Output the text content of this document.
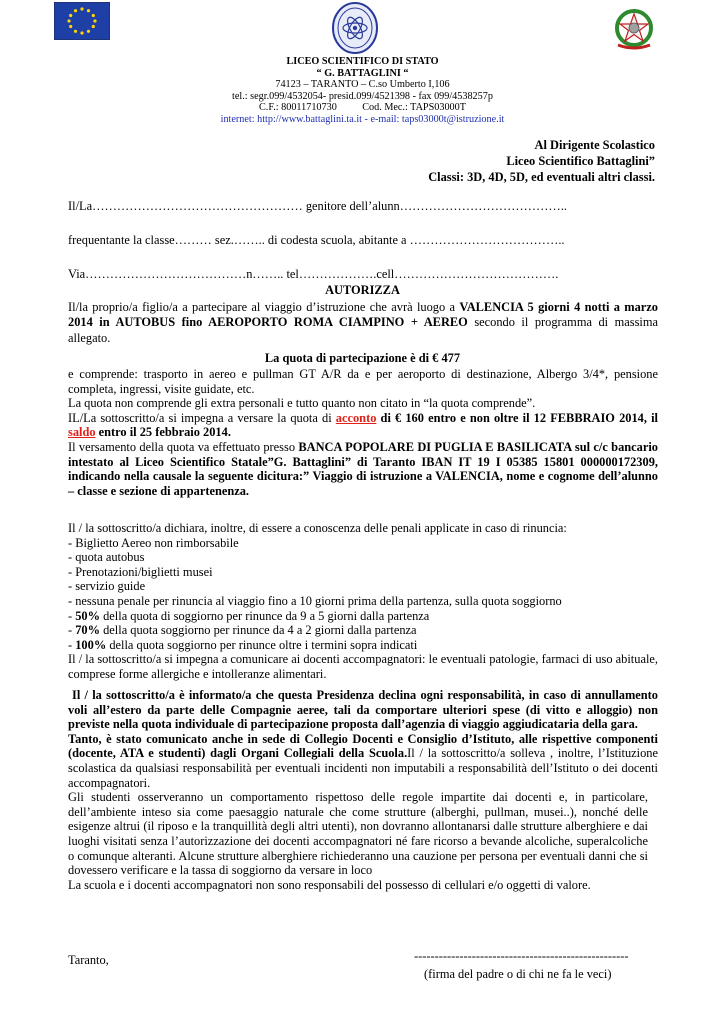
LICEO SCIENTIFICO DI STATO
“ G. BATTAGLINI “
74123 – TARANTO – C.so Umberto I,106
tel.: segr.099/4532054- presid.099/4521398 - fax 099/4538257p
C.F.: 80011710730          Cod. Mec.: TAPS03000T
internet: http://www.battaglini.ta.it - e-mail: taps03000t@istruzione.it
Al Dirigente Scolastico
Liceo Scientifico Battaglini”
Classi: 3D, 4D, 5D, ed eventuali altri classi.
Il/La…………………………………………… genitore dell’alunn…………………………………..
frequentante la classe……… sez.…….. di codesta scuola, abitante a ………………………………..
Via…………………………………n…….. tel……………….cell………………………………….
AUTORIZZA
Il/la proprio/a figlio/a a partecipare al viaggio d’istruzione che avrà luogo a VALENCIA 5 giorni 4 notti a marzo 2014 in AUTOBUS fino AEROPORTO ROMA CIAMPINO + AEREO secondo il programma di massima allegato.
La quota di partecipazione è di € 477

e comprende: trasporto in aereo e pullman GT A/R da e per aeroporto di destinazione, Albergo 3/4*, pensione completa, ingressi, visite guidate, etc.

La quota non comprende gli extra personali e tutto quanto non citato in “la quota comprende”.

IL/La sottoscritto/a si impegna a versare la quota di acconto di € 160 entro e non oltre il 12 FEBBRAIO 2014, il saldo entro il 25 febbraio 2014.

Il versamento della quota va effettuato presso BANCA POPOLARE DI PUGLIA E BASILICATA sul c/c bancario intestato al Liceo Scientifico Statale”G. Battaglini” di Taranto IBAN IT 19 I 05385 15801 000000172309, indicando nella causale la seguente dicitura:” Viaggio di istruzione a VALENCIA, nome e cognome dell’alunno – classe e sezione di appartenenza.

Il / la sottoscritto/a dichiara, inoltre, di essere a conoscenza delle penali applicate in caso di rinuncia:

- Biglietto Aereo non rimborsabile

- quota autobus

- Prenotazioni/biglietti musei

- servizio guide

- nessuna penale per rinuncia al viaggio fino a 10 giorni prima della partenza, sulla quota soggiorno

- 50% della quota di soggiorno per rinunce da 9 a 5 giorni dalla partenza

- 70% della quota soggiorno per rinunce da 4 a 2 giorni dalla partenza

- 100% della quota soggiorno per rinunce oltre i termini sopra indicati

Il / la sottoscritto/a si impegna a comunicare ai docenti accompagnatori: le eventuali patologie, farmaci di uso abituale, comprese forme allergiche e intolleranze alimentari.

Il / la sottoscritto/a è informato/a che questa Presidenza declina ogni responsabilità, in caso di annullamento voli all’estero da parte delle Compagnie aeree, tali da comportare ulteriori spese (di vitto e alloggio) non previste nella quota individuale di partecipazione proposta dall’agenzia di viaggio aggiudicataria della gara.

Tanto, è stato comunicato anche in sede di Collegio Docenti e Consiglio d’Istituto, alle rispettive componenti (docente, ATA e studenti) dagli Organi Collegiali della Scuola.Il / la sottoscritto/a solleva , inoltre, l’Istituzione scolastica da qualsiasi responsabilità per eventuali incidenti non imputabili a responsabilità dell’Istituto o dei docenti accompagnatori.

Gli studenti osserveranno un comportamento rispettoso delle regole impartite dai docenti e, in particolare, dell’ambiente inteso sia come paesaggio naturale che come strutture (alberghi, pullman, musei..), nonché delle esigenze altrui (il riposo e la tranquillità degli altri utenti), non dovranno allontanarsi dalle strutture alberghiere e dai luoghi visitati senza l’autorizzazione dei docenti accompagnatori né fare ricorso a bevande alcoliche, superalcoliche o comunque alteranti. Alcune strutture alberghiere richiederanno una cauzione per persona per eventuali danni che si dovessero verificare e la tassa di soggiorno da versare in loco

La scuola e i docenti accompagnatori non sono responsabili del possesso di cellulari e/o oggetti di valore.

Taranto,	----------------------------------------------------
(firma del padre o di chi ne fa le veci)
